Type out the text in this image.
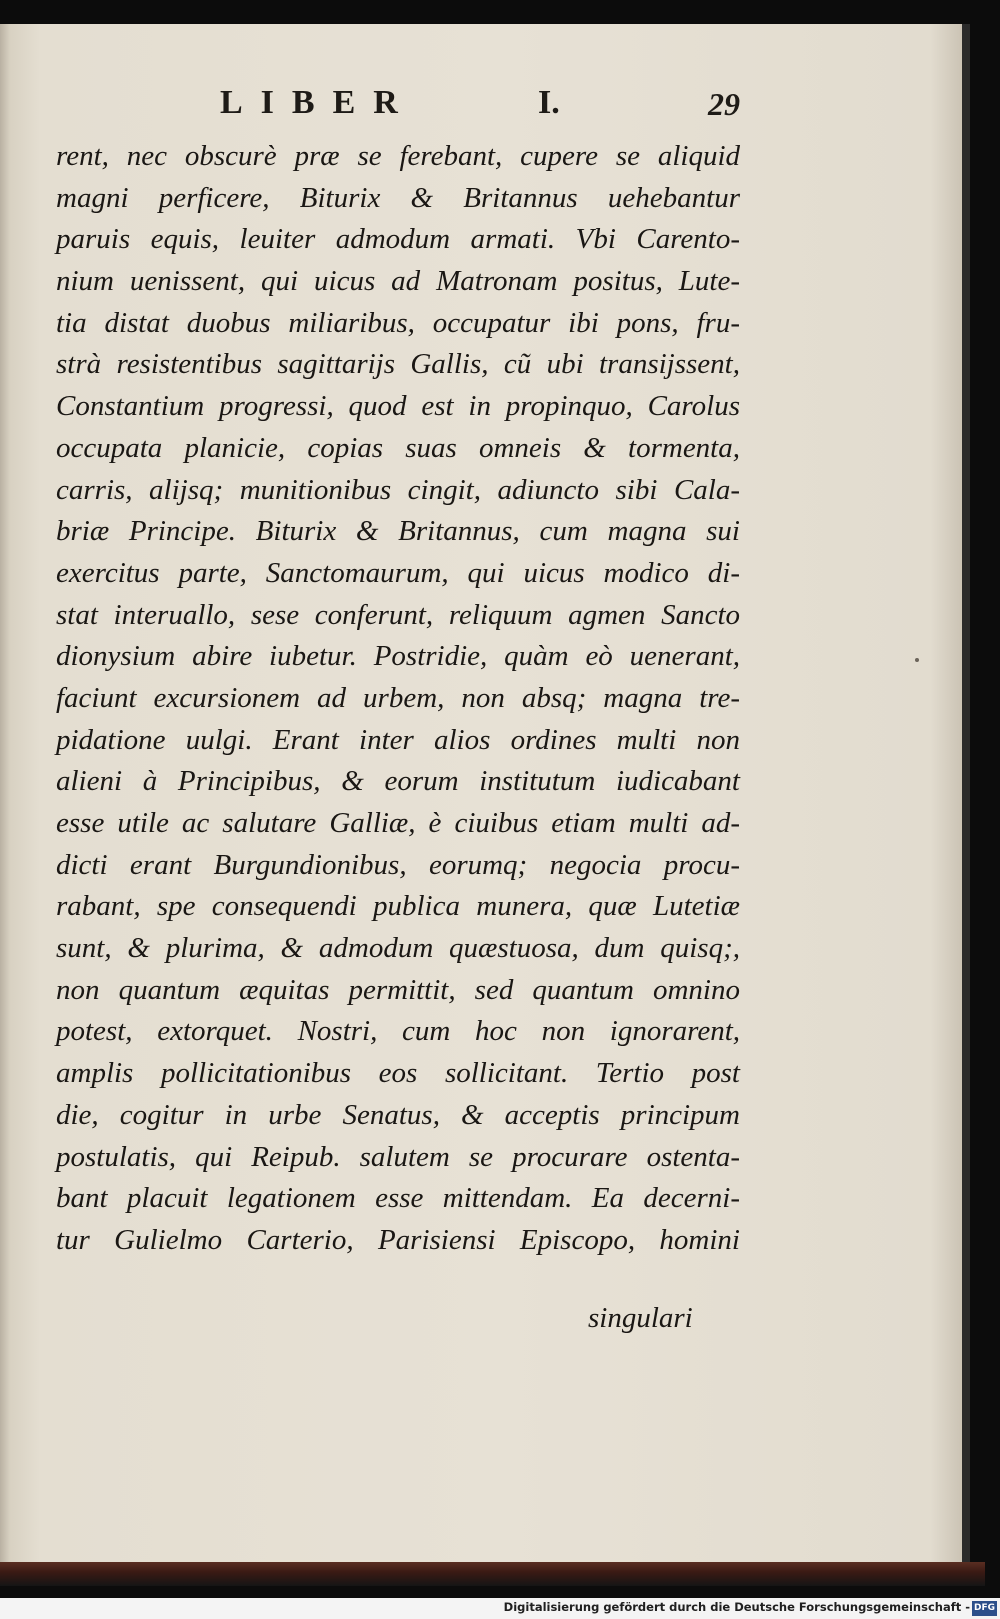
LIBER	I.	29
rent, nec obscurè præ se ferebant, cupere se aliquid
magni perficere, Biturix & Britannus uehebantur
paruis equis, leuiter admodum armati. Vbi Carento-
nium uenissent, qui uicus ad Matronam positus, Lute-
tia distat duobus miliaribus, occupatur ibi pons, fru-
strà resistentibus sagittarijs Gallis, cũ ubi transijssent,
Constantium progressi, quod est in propinquo, Carolus
occupata planicie, copias suas omneis & tormenta,
carris, alijsq; munitionibus cingit, adiuncto sibi Cala-
briæ Principe. Biturix & Britannus, cum magna sui
exercitus parte, Sanctomaurum, qui uicus modico di-
stat interuallo, sese conferunt, reliquum agmen Sancto
dionysium abire iubetur. Postridie, quàm eò uenerant,
faciunt excursionem ad urbem, non absq; magna tre-
pidatione uulgi. Erant inter alios ordines multi non
alieni à Principibus, & eorum institutum iudicabant
esse utile ac salutare Galliæ, è ciuibus etiam multi ad-
dicti erant Burgundionibus, eorumq; negocia procu-
rabant, spe consequendi publica munera, quæ Lutetiæ
sunt, & plurima, & admodum quæstuosa, dum quisq;,
non quantum æquitas permittit, sed quantum omnino
potest, extorquet. Nostri, cum hoc non ignorarent,
amplis pollicitationibus eos sollicitant. Tertio post
die, cogitur in urbe Senatus, & acceptis principum
postulatis, qui Reipub. salutem se procurare ostenta-
bant placuit legationem esse mittendam. Ea decerni-
tur Gulielmo Carterio, Parisiensi Episcopo, homini
singulari
Digitalisierung gefördert durch die Deutsche Forschungsgemeinschaft - DFG
